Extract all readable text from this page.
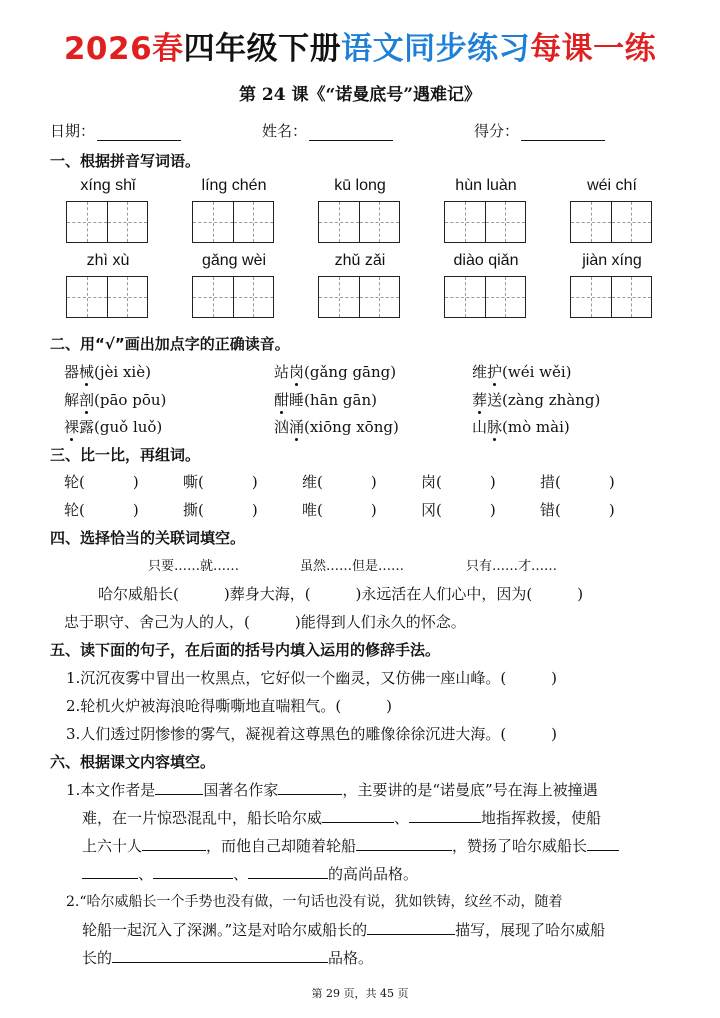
2026春四年级下册语文同步练习每课一练
第 24 课《“诺曼底号”遇难记》
日期：	姓名：	得分：
一、根据拼音写词语。
xíng shǐ	líng chén	kū long	hùn luàn	wéi chí
zhì xù	gǎng wèi	zhǔ zǎi	diào qiǎn	jiàn xíng
二、用“√”画出加点字的正确读音。
器械(jèi xiè)	站岗(gǎng gāng)	维护(wéi wěi)
解剖(pāo pōu)	酣睡(hān gān)	葬送(zàng zhàng)
裸露(guǒ luǒ)	汹涌(xiōng xōng)	山脉(mò mài)
三、比一比，再组词。
轮(	)	嘶(	)	维(	)	岗(	)	措(	)
轮(	)	撕(	)	唯(	)	冈(	)	错(	)
四、选择恰当的关联词填空。
只要……就……	虽然……但是……	只有……才……
哈尔威船长(　　　)葬身大海，(　　　)永远活在人们心中，因为(　　　)
忠于职守、舍己为人的人，(　　　)能得到人们永久的怀念。
五、读下面的句子，在后面的括号内填入运用的修辞手法。
1.沉沉夜雾中冒出一枚黑点，它好似一个幽灵，又仿佛一座山峰。(　　　)
2.轮机火炉被海浪呛得嘶嘶地直喘粗气。(　　　)
3.人们透过阴惨惨的雾气，凝视着这尊黑色的雕像徐徐沉进大海。(　　　)
六、根据课文内容填空。
1.本文作者是	国著名作家	，主要讲的是“诺曼底”号在海上被撞遇
难，在一片惊恐混乱中，船长哈尔威	、	地指挥救援，使船
上六十人	，而他自己却随着轮船	，赞扬了哈尔威船长
、	、	的高尚品格。
2.“哈尔威船长一个手势也没有做，一句话也没有说，犹如铁铸，纹丝不动，随着
轮船一起沉入了深渊。”这是对哈尔威船长的	描写，展现了哈尔威船
长的	品格。
第 29 页，共 45 页
